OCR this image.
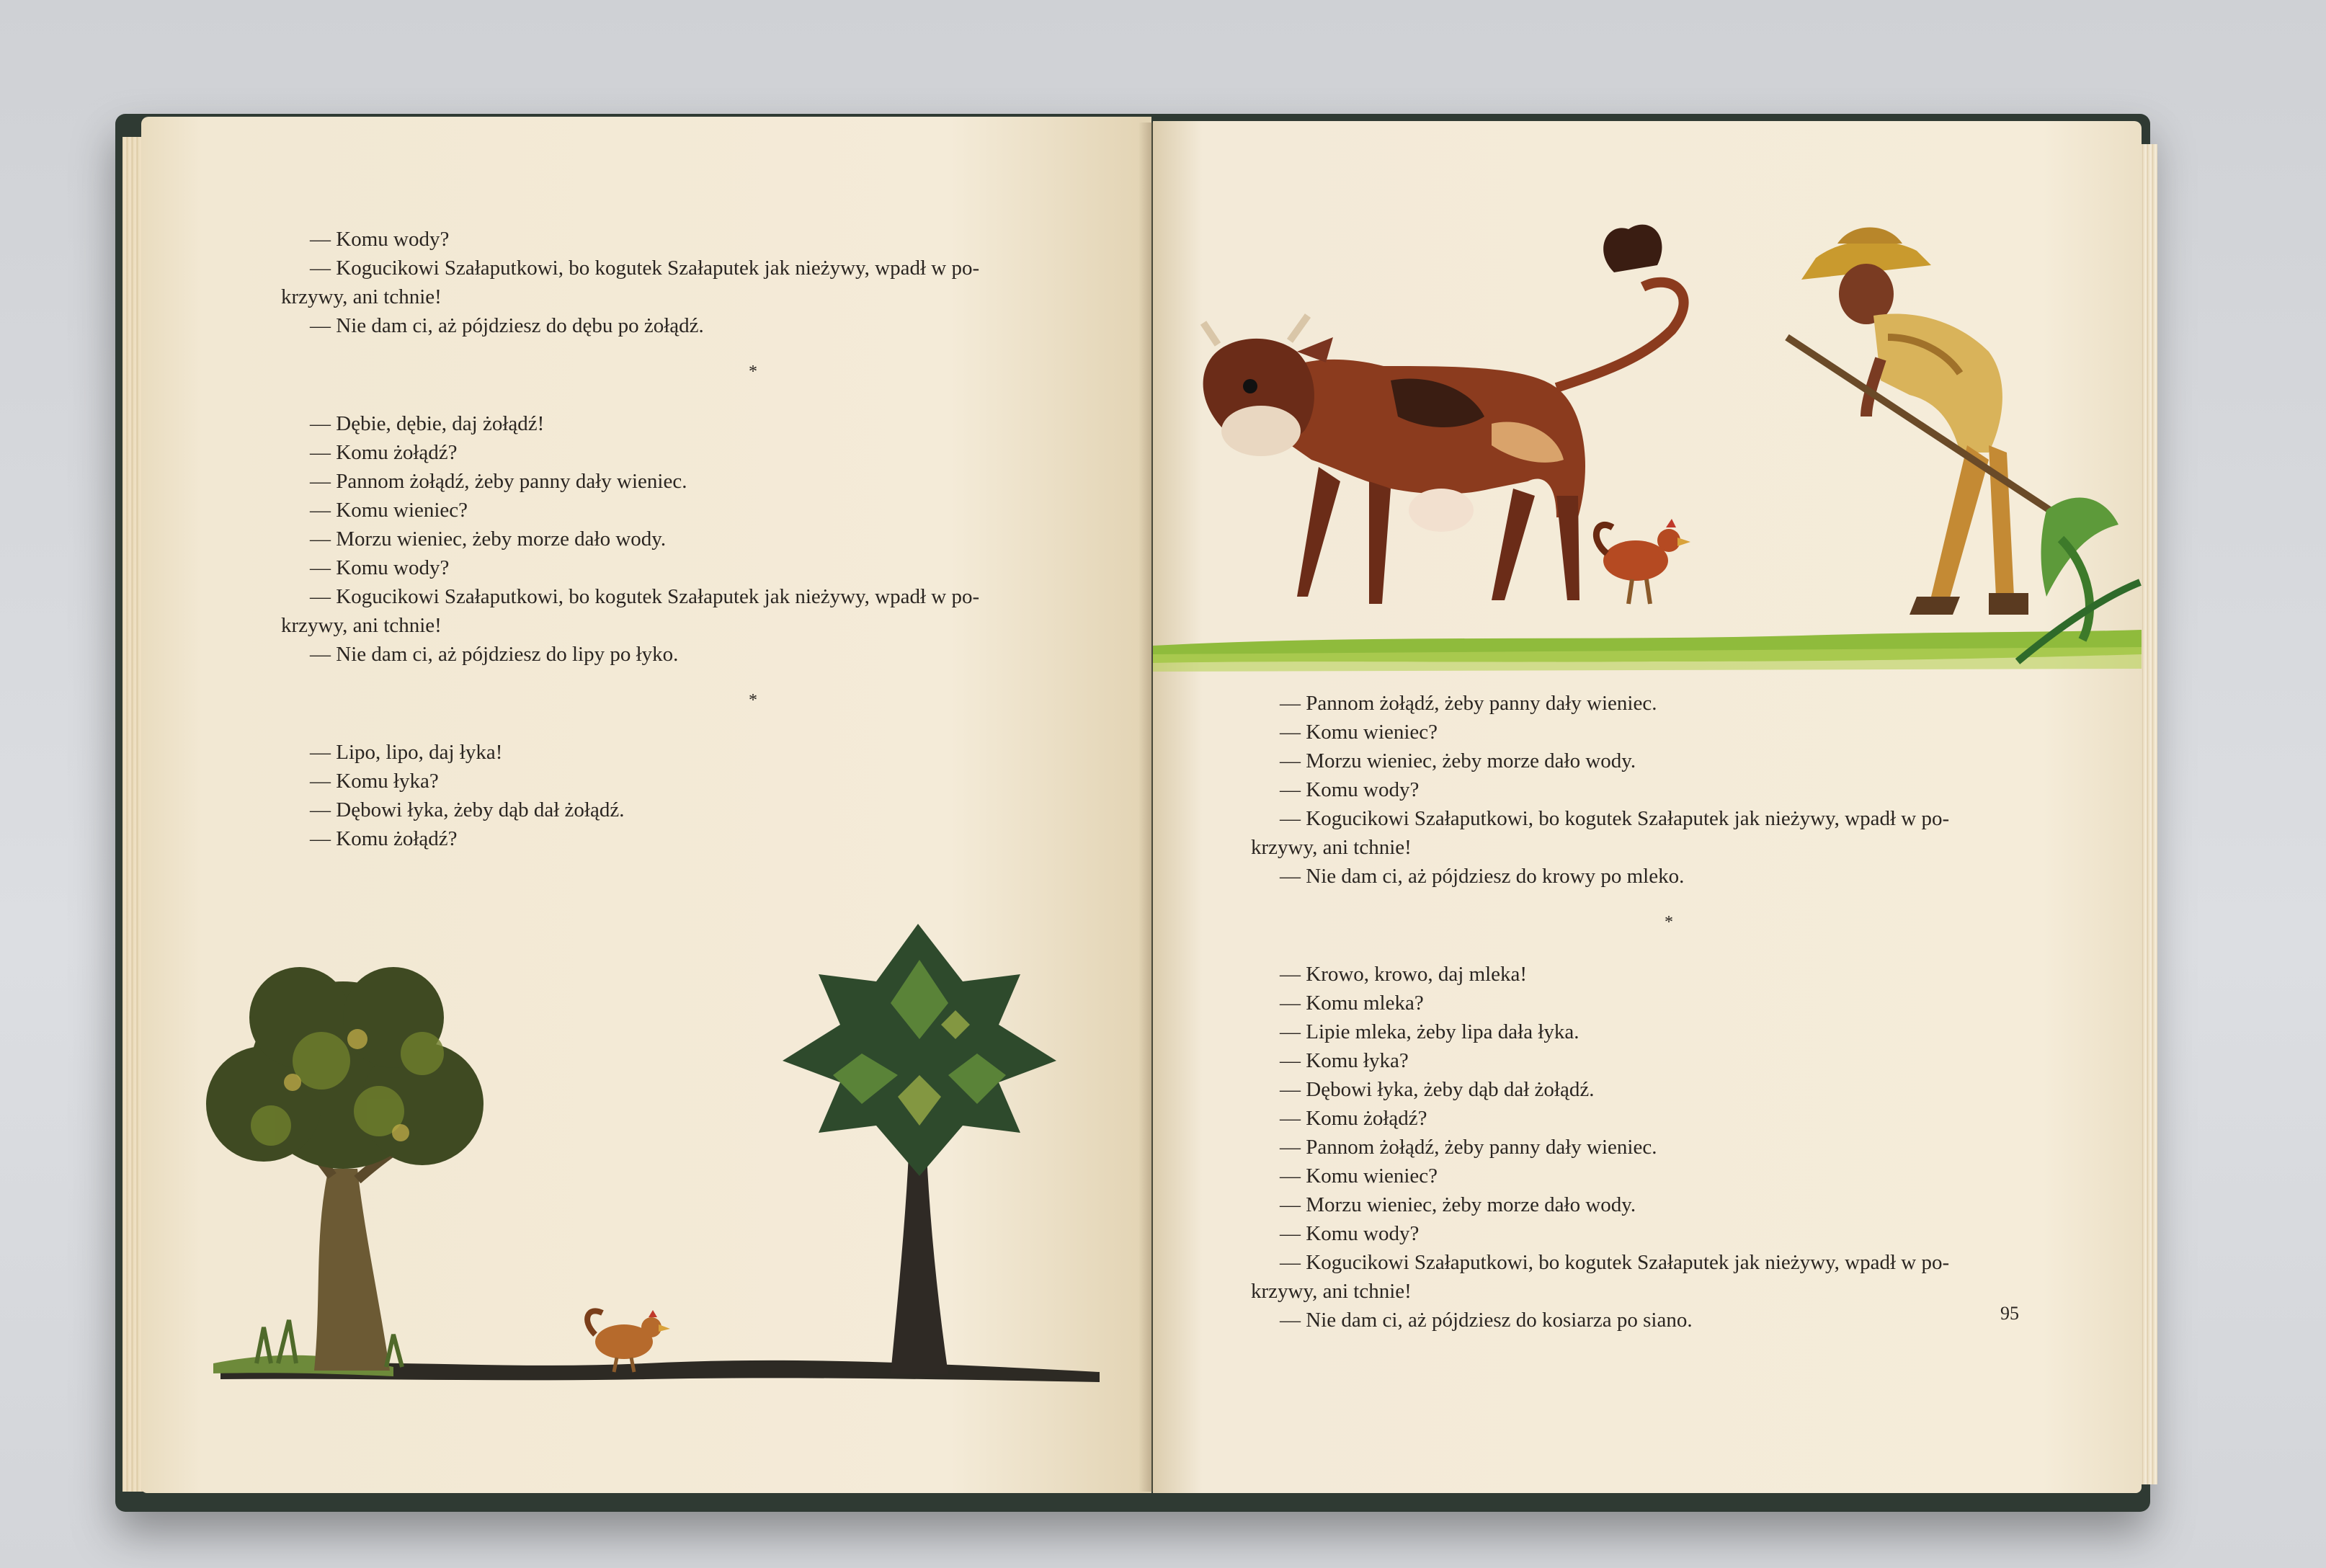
— Komu wody?
— Kogucikowi Szałaputkowi, bo kogutek Szałaputek jak nieżywy, wpadł w po-
krzywy, ani tchnie!
— Nie dam ci, aż pójdziesz do dębu po żołądź.
*
— Dębie, dębie, daj żołądź!
— Komu żołądź?
— Pannom żołądź, żeby panny dały wieniec.
— Komu wieniec?
— Morzu wieniec, żeby morze dało wody.
— Komu wody?
— Kogucikowi Szałaputkowi, bo kogutek Szałaputek jak nieżywy, wpadł w po-
krzywy, ani tchnie!
— Nie dam ci, aż pójdziesz do lipy po łyko.
*
— Lipo, lipo, daj łyka!
— Komu łyka?
— Dębowi łyka, żeby dąb dał żołądź.
— Komu żołądź?
— Pannom żołądź, żeby panny dały wieniec.
— Komu wieniec?
— Morzu wieniec, żeby morze dało wody.
— Komu wody?
— Kogucikowi Szałaputkowi, bo kogutek Szałaputek jak nieżywy, wpadł w po-
krzywy, ani tchnie!
— Nie dam ci, aż pójdziesz do krowy po mleko.
*
— Krowo, krowo, daj mleka!
— Komu mleka?
— Lipie mleka, żeby lipa dała łyka.
— Komu łyka?
— Dębowi łyka, żeby dąb dał żołądź.
— Komu żołądź?
— Pannom żołądź, żeby panny dały wieniec.
— Komu wieniec?
— Morzu wieniec, żeby morze dało wody.
— Komu wody?
— Kogucikowi Szałaputkowi, bo kogutek Szałaputek jak nieżywy, wpadł w po-
krzywy, ani tchnie!
— Nie dam ci, aż pójdziesz do kosiarza po siano.	95
